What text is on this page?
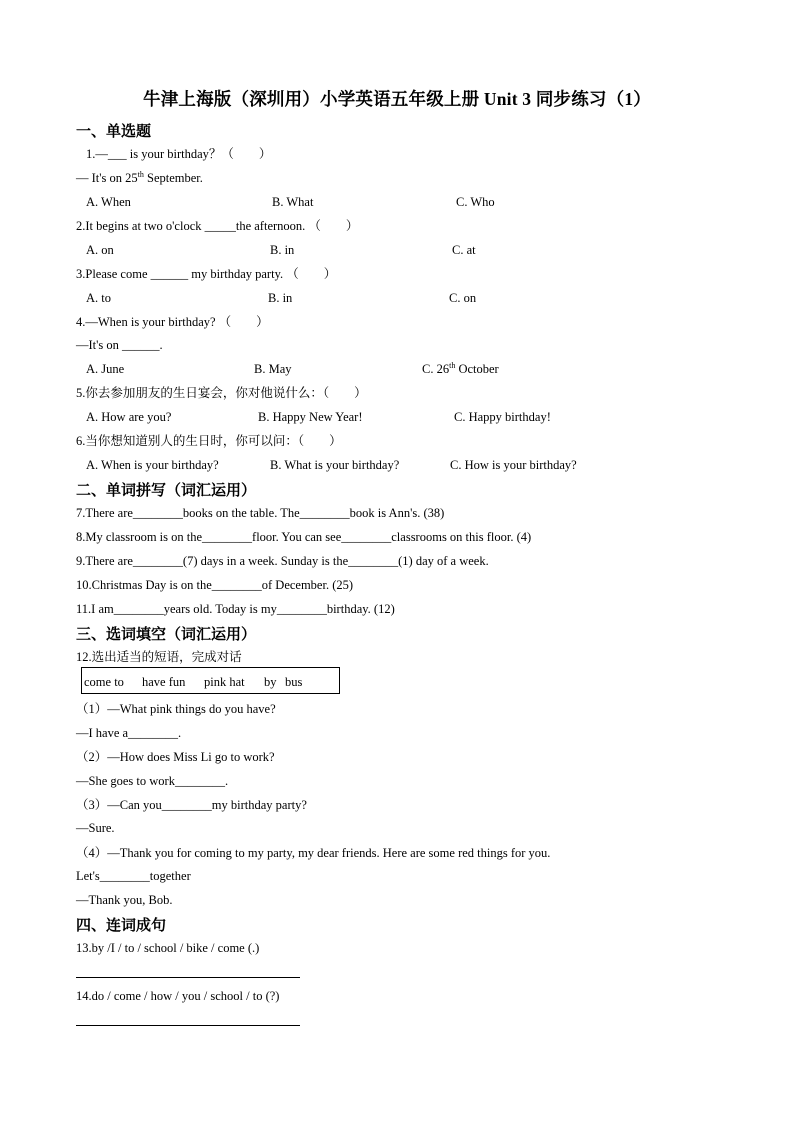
牛津上海版（深圳用）小学英语五年级上册 Unit 3 同步练习（1）
一、单选题
1.—___ is your birthday？（　　）
— It's on 25th September.
A. When	B. What	C. Who
2.It begins at two o'clock _____the afternoon. （　　）
A. on	B. in	C. at
3.Please come ______ my birthday party. （　　）
A. to	B. in	C. on
4.—When is your birthday? （　　）
—It's on ______.
A. June	B. May	C. 26th October
5.你去参加朋友的生日宴会，你对他说什么：（　　）
A. How are you?	B. Happy New Year!	C. Happy birthday!
6.当你想知道别人的生日时，你可以问：（　　）
A. When is your birthday?	B. What is your birthday?	C. How is your birthday?
二、单词拼写（词汇运用）
7.There are________books on the table. The________book is Ann's. (38)
8.My classroom is on the________floor. You can see________classrooms on this floor. (4)
9.There are________(7) days in a week. Sunday is the________(1) day of a week.
10.Christmas Day is on the________of December. (25)
11.I am________years old. Today is my________birthday. (12)
三、选词填空（词汇运用）
12.选出适当的短语，完成对话
come to have fun pink hat by bus
（1）—What pink things do you have?
—I have a________.
（2）—How does Miss Li go to work?
—She goes to work________.
（3）—Can you________my birthday party?
—Sure.
（4）—Thank you for coming to my party, my dear friends. Here are some red things for you.
Let's________together
—Thank you, Bob.
四、连词成句
13.by /I / to / school / bike / come (.)
14.do / come / how / you / school / to (?)
